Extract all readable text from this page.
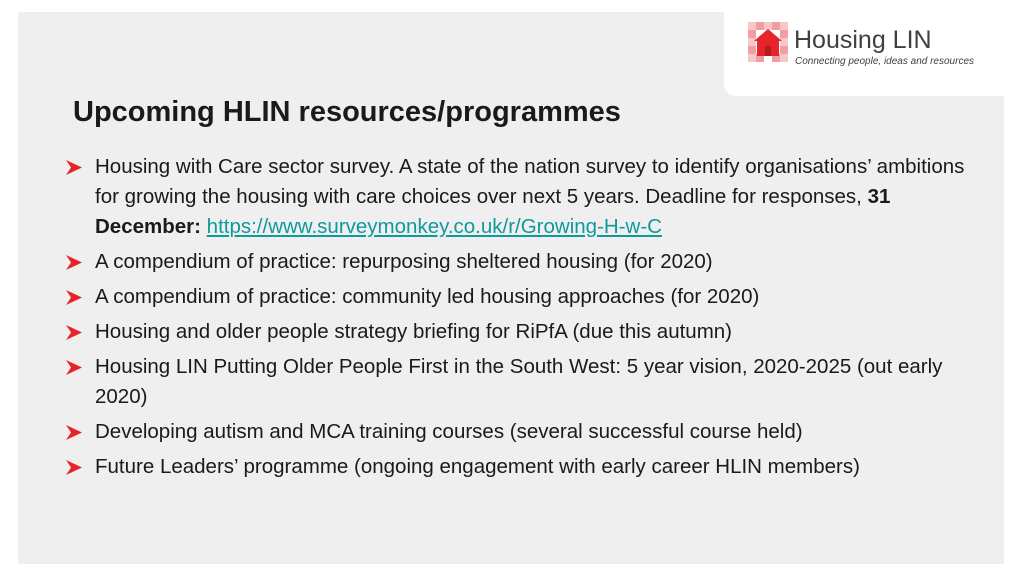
Housing LIN
Connecting people, ideas and resources
Upcoming HLIN resources/programmes
Housing with Care sector survey. A state of the nation survey to identify organisations’ ambitions for growing the housing with care choices over next 5 years. Deadline for responses, 31 December: https://www.surveymonkey.co.uk/r/Growing-H-w-C
A compendium of practice: repurposing sheltered housing (for 2020)
A compendium of practice: community led housing approaches (for 2020)
Housing and older people strategy briefing for RiPfA (due this autumn)
Housing LIN Putting Older People First in the South West: 5 year vision, 2020-2025 (out early 2020)
Developing autism and MCA training courses (several successful course held)
Future Leaders’ programme (ongoing engagement with early career HLIN members)
